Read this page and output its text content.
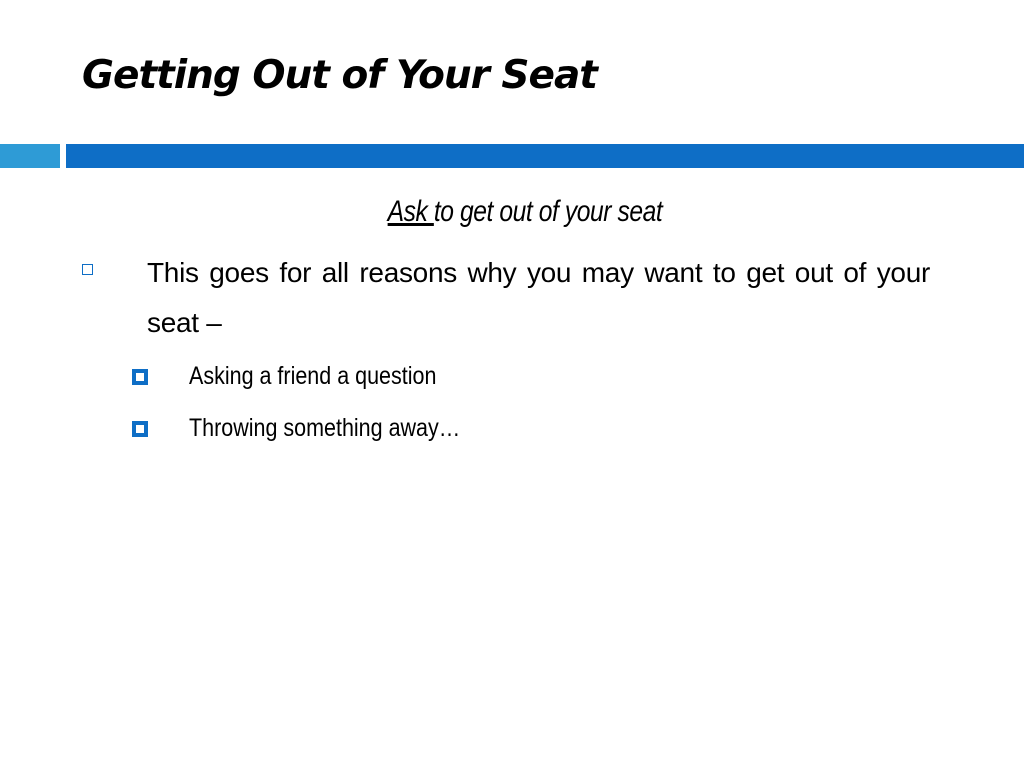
Getting Out of Your Seat
Ask to get out of your seat

This goes for all reasons why you may want to get out of your seat –

Asking a friend a question

Throwing something away…
